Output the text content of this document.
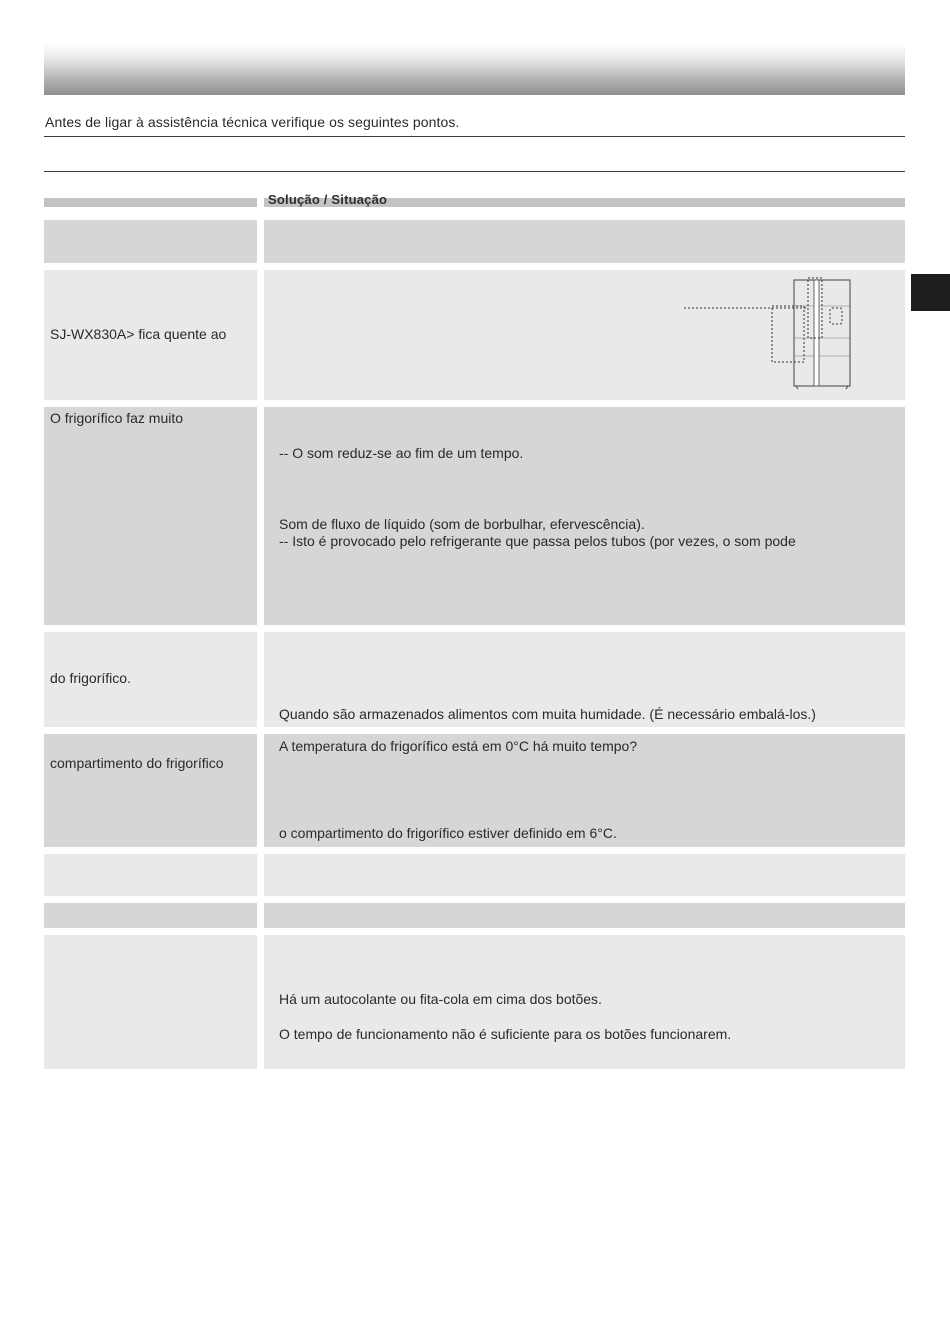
Antes de ligar à assistência técnica verifique os seguintes pontos.
Solução / Situação
SJ-WX830A> fica quente ao
O frigorífico faz muito
-- O som reduz-se ao fim de um tempo.
Som de fluxo de líquido (som de borbulhar, efervescência).
-- Isto é provocado pelo refrigerante que passa pelos tubos (por vezes, o som pode
do frigorífico.
Quando são armazenados alimentos com muita humidade. (É necessário embalá-los.)
compartimento do frigorífico
A temperatura do frigorífico está em 0°C há muito tempo?
o compartimento do frigorífico estiver definido em 6°C.
Há um autocolante ou fita-cola em cima dos botões.
O tempo de funcionamento não é suficiente para os botões funcionarem.
